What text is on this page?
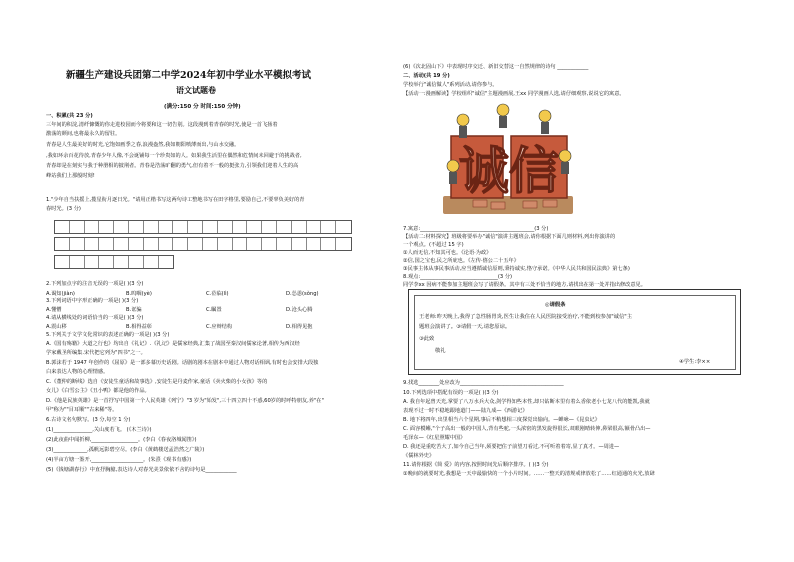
新疆生产建设兵团第二中学2024年初中学业水平模拟考试
语文试题卷
(满分:150 分 时间:150 分钟)
一、积累(共 23 分)
三年间的积淀,清纤慷慨的你走进校园而今将要和这一切告别。这段漫到着青春的时光,使是一首飞扬着
激荡的颜间,也将最永久的留驻。
青春是人生最美好的时光,它饱如画季之春,浪漫盎然,我如朝阳喷薄而出,与山水交融。
,我如环余百花待放,青春少年人像,不会诞铺每一个珍贵如的人。如果我生活里在偶然和危情间未回避于的挑战者,
青春却是在刻实与我于种册相的披荆者。青春是浩荡旷翻的勇气,但有着不一般的挺张力,引领我们迎着人生的高
峰站我们上那般时刻!
1."少年自当扶摇上,揽星衔月逐日光。"请用正楷书写这两句诗工整地书写在田字格里,要励自己,不要辜负美好的青
春时光。(3 分)
2.下列加点字的注音无误的一项是( )(3 分)
A.谒知(jiàn)	B.呜咽(yè)	C.莅临(lì)	D.怂恿(sǒng)
3.下列词语中字形正确的一项是( )(3 分)
A.懂懵	B.诓骗	C.瞩置	D.沧头心腾
4.请从横线处的词语恰当的一项是( )(3 分)
A.震山移	B.相得益彰	C.应辩结构	D.相得见抱
5.下列关于文学文化常识的表述正确的一项是( )(3 分)
A.《国有殇籍》大道之行也》均出自《礼记》.《礼记》是儒家经典,汇集了战国至秦汉间儒家论著,相传为西汉经
学家戴圣所编集.宋代把它列为"四书"之一。
B.郭沫若于 1947 年创作的《屈原》是一部多幕历史话剧。话剧的剧本在剧本中通过人物对话相讽,有时也会安排大段独
白来表达人物的心理情感。
C.《董仲的断线》选自《安徒生童话和故事选》,安徒生是丹麦作家,童话《卖火柴的小女孩》等的
女儿》《白雪公主》《丑小鸭》都是他的作品。
D.《他是民族英雄》是一首抒写中国第一个人民英雄《列宁》"3 岁为"始发",三十四立四十不惑,60岁的时呼特朋友,养"在"
甲"称为""目耳顺""古来稀"等。
6.古诗文名句默写。(3 分,每空 1 分)
(1)_______________,关山度若飞。 (《木兰诗》)
(2)此夜曲中闻折柳,__________________。(李白《春夜洛城闻笛》)
(3)_____________,孤帆远影碧空尽。(李白《黄鹤楼送孟浩然之广陵》)
(4)半亩方塘一鉴开,____________________。(朱熹《观书有感》)
(5)《钱塘湖春行》中直抒胸臆,表达诗人对春光美景依依不舍的诗句是____________
(6)《次北固山下》中表现时序交迁、新旧交替这一自然规律的诗句 ____________
二、活动(共 19 分)
学校举行"诚信做人"系列活动,请你参与。
【活动一:漫画解读】学校组织"诚信"主题漫画展,王xx 同学漫画人选,请仔细观察,说说它的寓意。
诚信
7.寓意:____________________________________________(3 分)
【活动二:材料探究】班级将要举办"诚信"演讲主题班会,请你根据下面几则材料,列出你演讲的
一个观点。(不超过 15 字)
①人而无信,不知其可也。《论语·为政》
②信,国之宝也,民之所庇也。《左传·僖公二十五年》
③民事主体从事民事活动,应当遵循诚信原则,秉持诚实,恪守承诺。《中华人民共和国民法典》第七条)
8.观点:______________________________(3 分)
同学李xx 因病不能参加主题班会写了请假条。其中有三处不恰当的地方,请找出在第一处并指出修改意见。
◎请假条
王老师:昨天晚上,我得了急性肠胃炎,医生让我住在人民医院接受治疗,不能到校参加"诚信"主
题班会演讲了。③请假一天,请您原谅。
③此致
敬礼
④学生:李××
9.找选________处应改为________________________________________
10.下列选项中搭配有误的一项是( )(3 分)
A. 我自年起曾天光,掌要了八万水兵大众,剑学得知些本性,却只钻断本里有着么香依老小七龙八代的能凯,我就
表现不过一时不稳地跟地道门——陆九成—《西游记》
B. 地下将四年,出里相当六个星期,事后不稍想相三度探觉出愉向。—蝉咏—《昆虫记》
C. 面容模蝌,"个子高出一般的中国人,背有些驼,一头浓密的黑发旋得很长,双眼刚晴转伸,鼻梁很高,额骨凸出—
毛泽东—《红星照耀中国》
D. 我还是重吃苦大了,如今自己当年,须要把住子前望刀看过,不可听着着寄,显了真才。—周进—
《儒林外史》
11.请你根据《简 爱》的内容,按照时间先后顺序排序。( )(3 分)
①晚间的就要时光,我想是一天中最愉快的一个小片时间。……一整天的清规戒律放松了……红通通的火光,放肆
